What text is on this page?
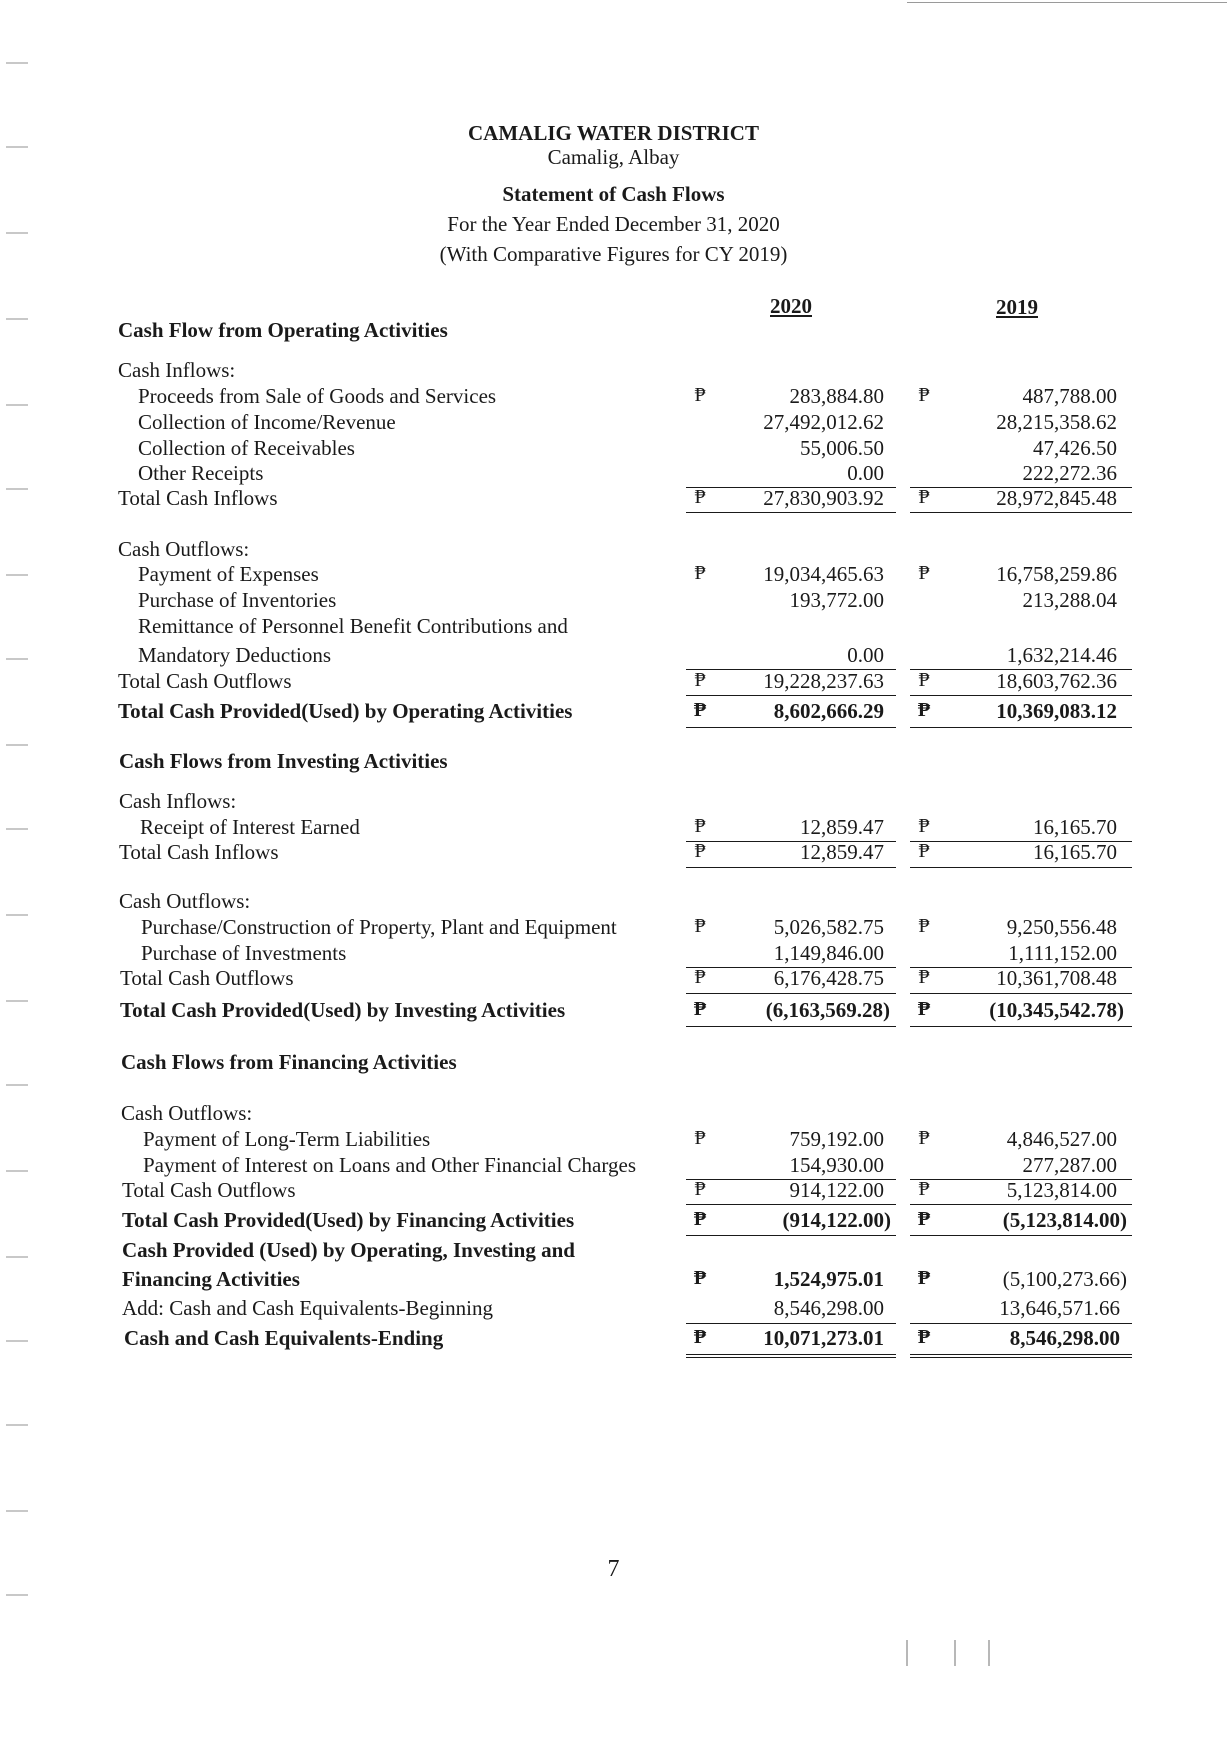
CAMALIG WATER DISTRICT
Camalig, Albay
Statement of Cash Flows
For the Year Ended December 31, 2020
(With Comparative Figures for CY 2019)
2020	2019
Cash Flow from Operating Activities
Cash Inflows:
Proceeds from Sale of Goods and Services	₱	283,884.80 ₱	487,788.00
Collection of Income/Revenue	27,492,012.62	28,215,358.62
Collection of Receivables	55,006.50	47,426.50
Other Receipts	0.00	222,272.36
Total Cash Inflows	₱	27,830,903.92 ₱	28,972,845.48
Cash Outflows:
Payment of Expenses	₱	19,034,465.63 ₱	16,758,259.86
Purchase of Inventories	193,772.00	213,288.04
Remittance of Personnel Benefit Contributions and
Mandatory Deductions	0.00	1,632,214.46
Total Cash Outflows	₱	19,228,237.63 ₱	18,603,762.36
Total Cash Provided(Used) by Operating Activities	₱	8,602,666.29 ₱	10,369,083.12
Cash Flows from Investing Activities
Cash Inflows:
Receipt of Interest Earned	₱	12,859.47 ₱	16,165.70
Total Cash Inflows	₱	12,859.47 ₱	16,165.70
Cash Outflows:
Purchase/Construction of Property, Plant and Equipment	₱	5,026,582.75 ₱	9,250,556.48
Purchase of Investments	1,149,846.00	1,111,152.00
Total Cash Outflows	₱	6,176,428.75 ₱	10,361,708.48
Total Cash Provided(Used) by Investing Activities	₱	(6,163,569.28) ₱	(10,345,542.78)
Cash Flows from Financing Activities
Cash Outflows:
Payment of Long-Term Liabilities	₱	759,192.00 ₱	4,846,527.00
Payment of Interest on Loans and Other Financial Charges	154,930.00	277,287.00
Total Cash Outflows	₱	914,122.00 ₱	5,123,814.00
Total Cash Provided(Used) by Financing Activities	₱	(914,122.00) ₱	(5,123,814.00)
Cash Provided (Used) by Operating, Investing and
Financing Activities	₱	1,524,975.01 ₱	(5,100,273.66)
Add: Cash and Cash Equivalents-Beginning	8,546,298.00	13,646,571.66
Cash and Cash Equivalents-Ending	₱	10,071,273.01 ₱	8,546,298.00
7
